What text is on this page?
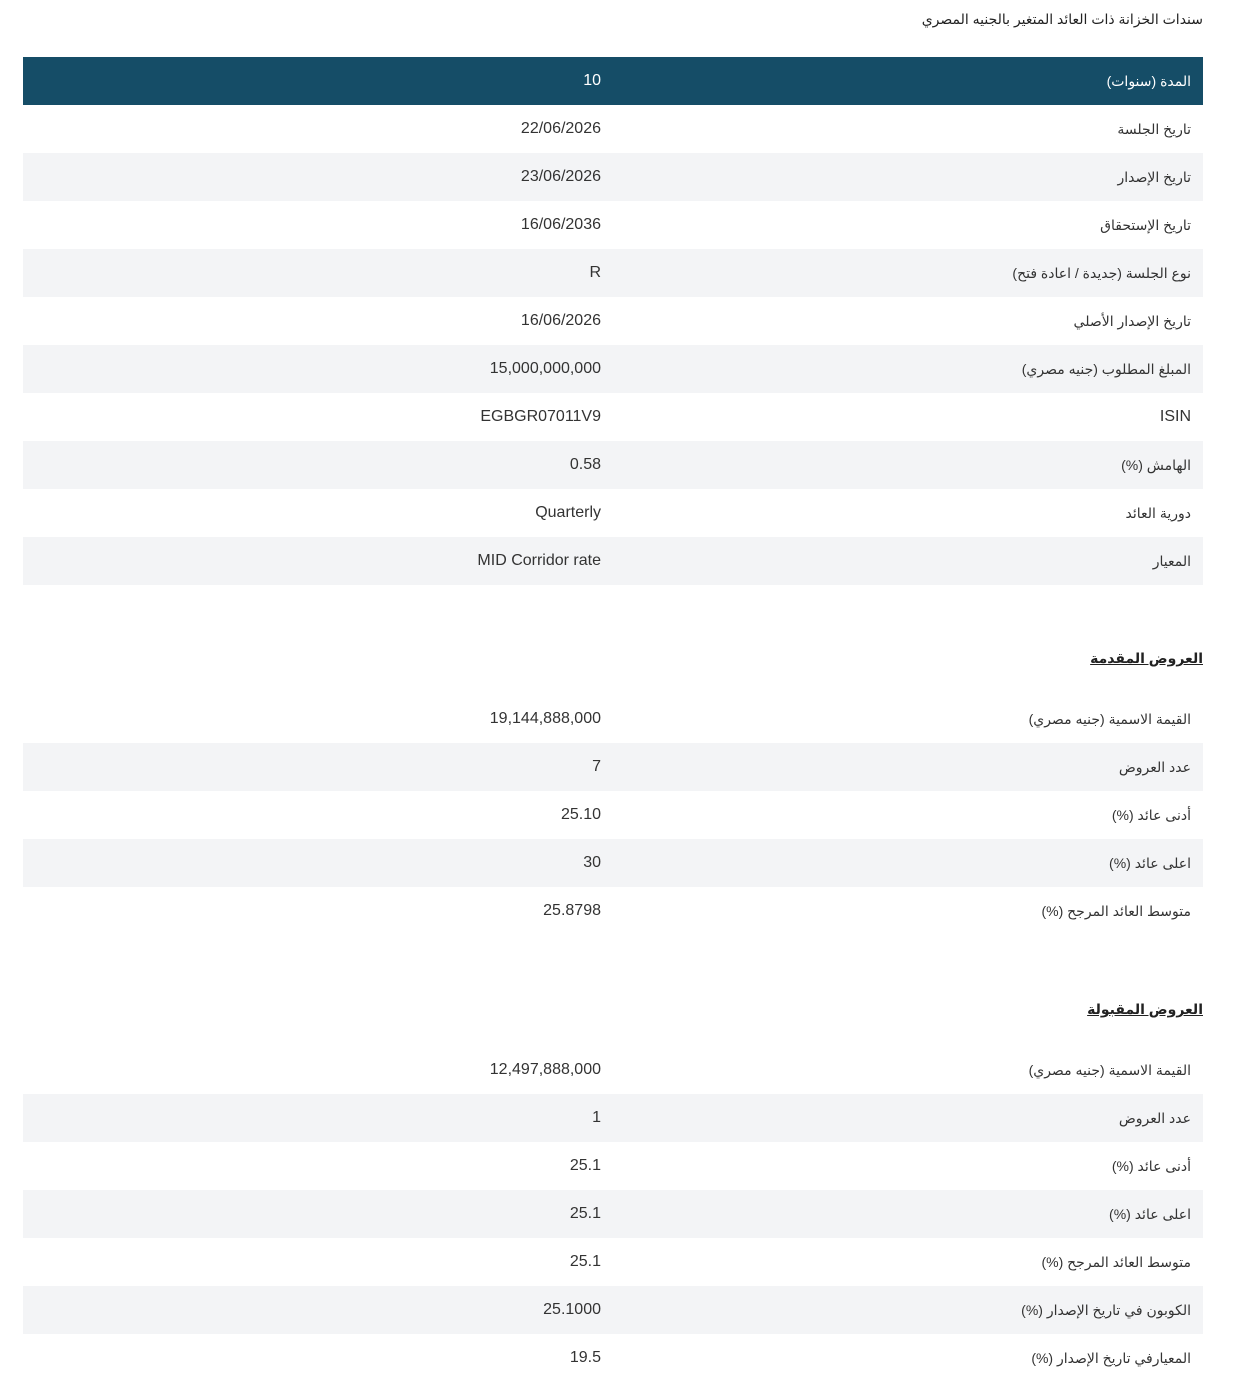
سندات الخزانة ذات العائد المتغير بالجنيه المصري
المدة (سنوات)
10
تاريخ الجلسة
22/06/2026
تاريخ الإصدار
23/06/2026
تاريخ الإستحقاق
16/06/2036
نوع الجلسة (جديدة / اعادة فتح)
R
تاريخ الإصدار الأصلي
16/06/2026
المبلغ المطلوب (جنيه مصري)
15,000,000,000
ISIN
EGBGR07011V9
الهامش (%)
0.58
دورية العائد
Quarterly
المعيار
MID Corridor rate
العروض المقدمة
القيمة الاسمية (جنيه مصري)
19,144,888,000
عدد العروض
7
أدنى عائد (%)
25.10
اعلى عائد (%)
30
متوسط العائد المرجح (%)
25.8798
العروض المقبولة
القيمة الاسمية (جنيه مصري)
12,497,888,000
عدد العروض
1
أدنى عائد (%)
25.1
اعلى عائد (%)
25.1
متوسط العائد المرجح (%)
25.1
الكوبون في تاريخ الإصدار (%)
25.1000
المعيارفي تاريخ الإصدار (%)
19.5
